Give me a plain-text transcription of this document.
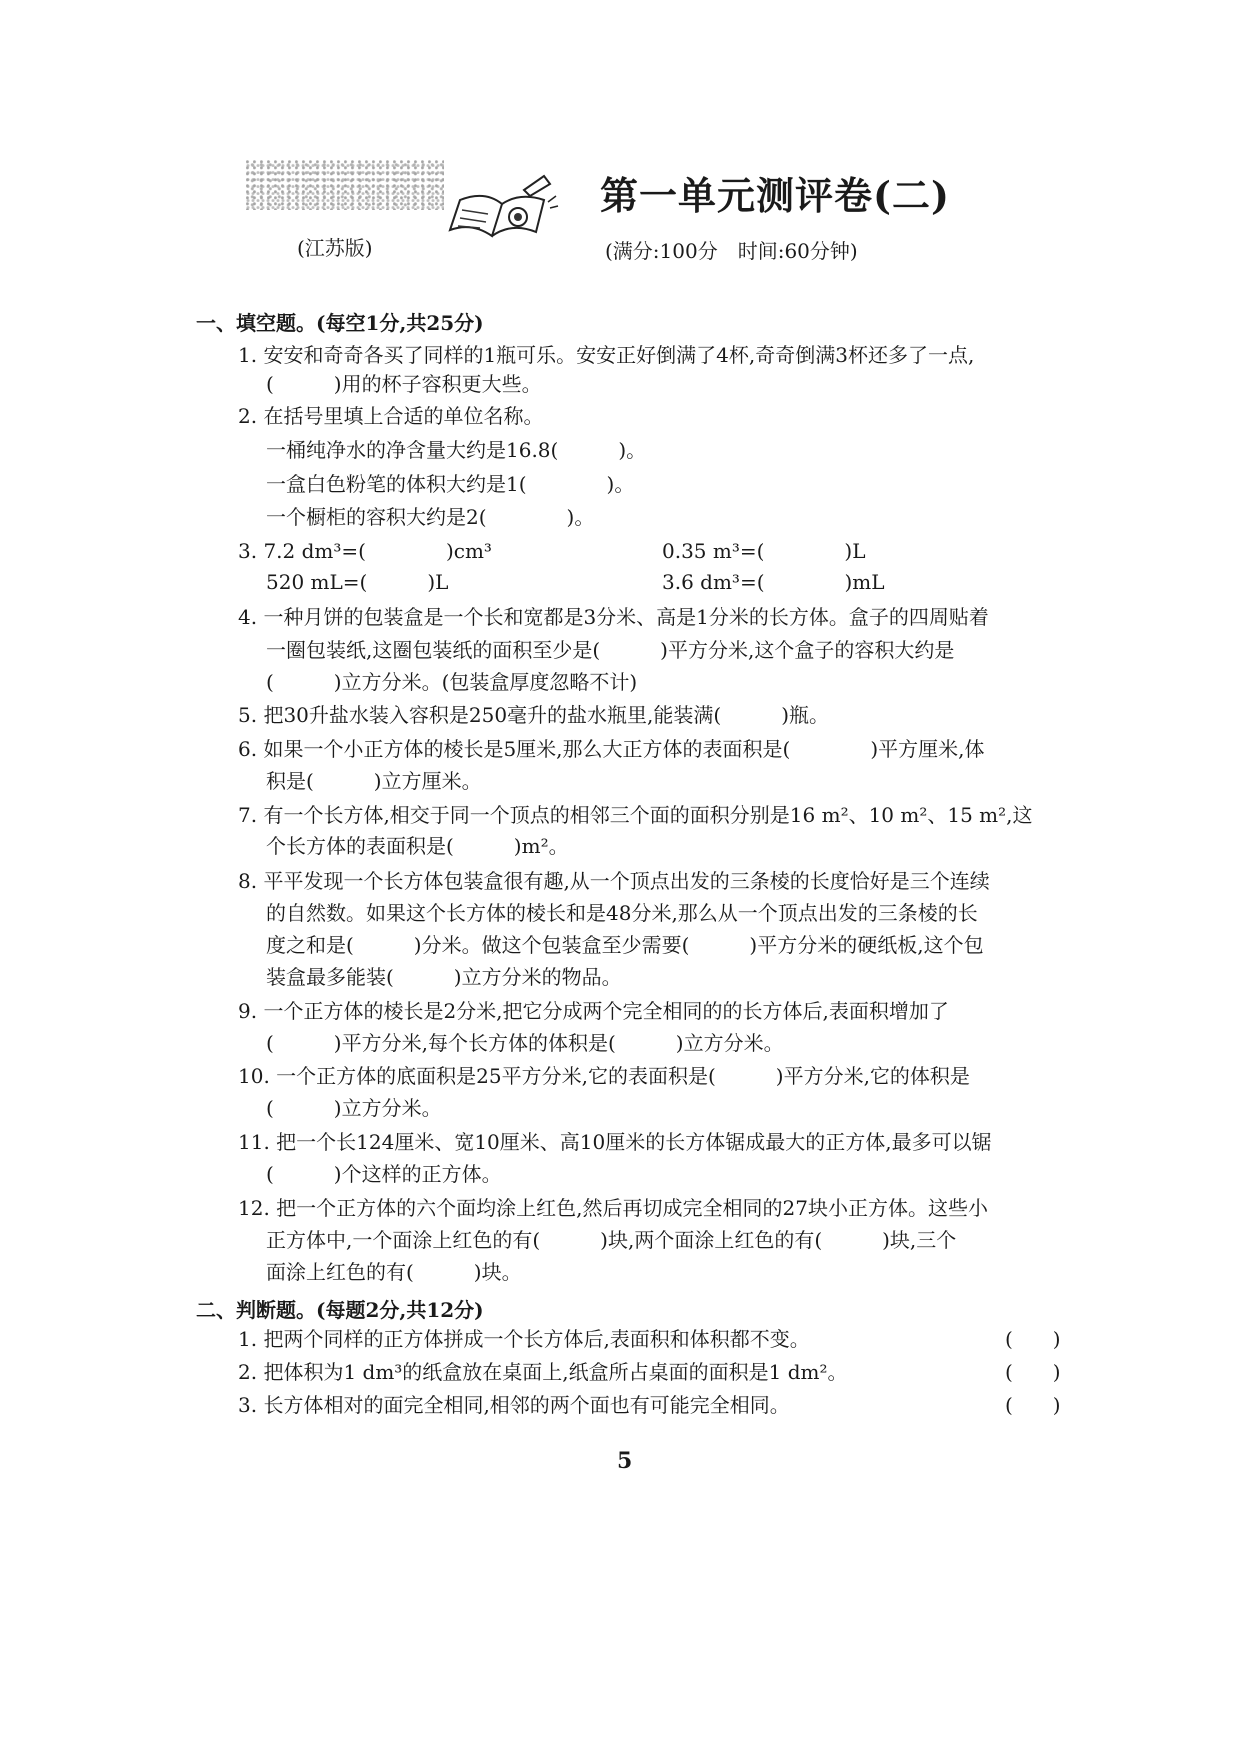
第一单元测评卷(二)
(江苏版)	(满分:100分　时间:60分钟)
一、填空题。(每空1分,共25分)
1. 安安和奇奇各买了同样的1瓶可乐。安安正好倒满了4杯,奇奇倒满3杯还多了一点,
(　　　)用的杯子容积更大些。
2. 在括号里填上合适的单位名称。
一桶纯净水的净含量大约是16.8(　　　)。
一盒白色粉笔的体积大约是1(　　　　)。
一个橱柜的容积大约是2(　　　　)。
3. 7.2 dm³=(　　　　)cm³	0.35 m³=(　　　　)L
520 mL=(　　　)L	3.6 dm³=(　　　　)mL
4. 一种月饼的包装盒是一个长和宽都是3分米、高是1分米的长方体。盒子的四周贴着
一圈包装纸,这圈包装纸的面积至少是(　　　)平方分米,这个盒子的容积大约是
(　　　)立方分米。(包装盒厚度忽略不计)
5. 把30升盐水装入容积是250毫升的盐水瓶里,能装满(　　　)瓶。
6. 如果一个小正方体的棱长是5厘米,那么大正方体的表面积是(　　　　)平方厘米,体
积是(　　　)立方厘米。
7. 有一个长方体,相交于同一个顶点的相邻三个面的面积分别是16 m²、10 m²、15 m²,这
个长方体的表面积是(　　　)m²。
8. 平平发现一个长方体包装盒很有趣,从一个顶点出发的三条棱的长度恰好是三个连续
的自然数。如果这个长方体的棱长和是48分米,那么从一个顶点出发的三条棱的长
度之和是(　　　)分米。做这个包装盒至少需要(　　　)平方分米的硬纸板,这个包
装盒最多能装(　　　)立方分米的物品。
9. 一个正方体的棱长是2分米,把它分成两个完全相同的的长方体后,表面积增加了
(　　　)平方分米,每个长方体的体积是(　　　)立方分米。
10. 一个正方体的底面积是25平方分米,它的表面积是(　　　)平方分米,它的体积是
(　　　)立方分米。
11. 把一个长124厘米、宽10厘米、高10厘米的长方体锯成最大的正方体,最多可以锯
(　　　)个这样的正方体。
12. 把一个正方体的六个面均涂上红色,然后再切成完全相同的27块小正方体。这些小
正方体中,一个面涂上红色的有(　　　)块,两个面涂上红色的有(　　　)块,三个
面涂上红色的有(　　　)块。
二、判断题。(每题2分,共12分)
1. 把两个同样的正方体拼成一个长方体后,表面积和体积都不变。	(　　)
2. 把体积为1 dm³的纸盒放在桌面上,纸盒所占桌面的面积是1 dm²。	(　　)
3. 长方体相对的面完全相同,相邻的两个面也有可能完全相同。	(　　)
5
